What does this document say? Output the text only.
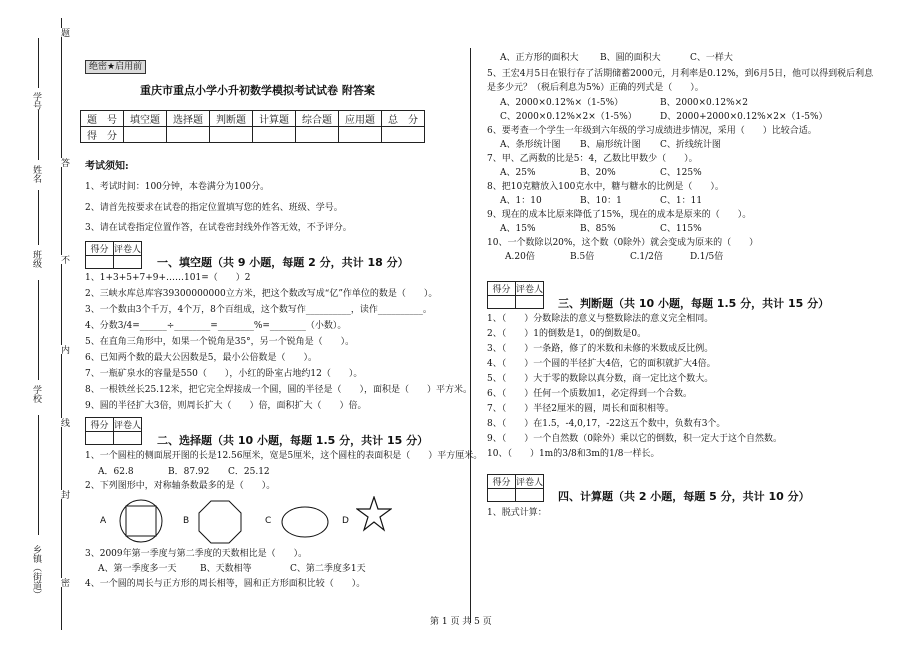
学号
姓名
班级
学校
乡镇（街道）
题
答
不
内
线
封
密
绝密★启用前
重庆市重点小学小升初数学模拟考试试卷 附答案
题　号	填空题	选择题	判断题	计算题	综合题	应用题	总　分
得　分							
考试须知:
1、考试时间：100分钟，本卷满分为100分。
2、请首先按要求在试卷的指定位置填写您的姓名、班级、学号。
3、请在试卷指定位置作答，在试卷密封线外作答无效，不予评分。
得分	评卷人

一、填空题（共 9 小题，每题 2 分，共计 18 分）
1、1+3+5+7+9+……101=（　　）2
2、三峡水库总库容39300000000立方米，把这个数改写成“亿”作单位的数是（　　）。
3、一个数由3个千万，4个万，8个百组成，这个数写作__________，读作__________。
4、分数3/4=______÷________=________%=________（小数）。
5、在直角三角形中，如果一个锐角是35°，另一个锐角是（　　）。
6、已知两个数的最大公因数是5，最小公倍数是（　　）。
7、一瓶矿泉水的容量是550（　　），小红的卧室占地约12（　　）。
8、一根铁丝长25.12米，把它完全焊接成一个圆，圆的半径是（　　），面积是（　　）平方米。
9、圆的半径扩大3倍，则周长扩大（　　）倍，面积扩大（　　）倍。
得分	评卷人

二、选择题（共 10 小题，每题 1.5 分，共计 15 分）
1、一个圆柱的侧面展开图的长是12.56厘米，宽是5厘米，这个圆柱的表面积是（　　）平方厘米。
A．62.8	B．87.92 C．25.12
2、下列图形中，对称轴条数最多的是（　　）。
A	B	C	D
3、2009年第一季度与第二季度的天数相比是（　　）。
A、第一季度多一天	B、天数相等	C、第二季度多1天
4、一个圆的周长与正方形的周长相等，圆和正方形面积比较（　　）。
A、正方形的面积大 B、圆的面积大	C、一样大
5、王宏4月5日在银行存了活期储蓄2000元，月利率是0.12%，到6月5日，他可以得到税后利息
是多少元？（税后利息为5%）正确的列式是（　　）。
A、2000×0.12%×（1-5%）	B、2000×0.12%×2
C、2000×0.12%×2×（1-5%）	D、2000+2000×0.12%×2×（1-5%）
6、要考查一个学生一年级到六年级的学习成绩进步情况，采用（　　）比较合适。
A、条形统计图 B、扇形统计图 C、折线统计图
7、甲、乙两数的比是5：4，乙数比甲数少（　　）。
A、25%	B、20%	C、125%
8、把10克糖放入100克水中，糖与糖水的比例是（　　）。
A、1：10	B、10：1	C、1：11
9、现在的成本比原来降低了15%，现在的成本是原来的（　　）。
A、15%	B、85%	C、115%
10、一个数除以20%，这个数（0除外）就会变成为原来的（　　）
A.20倍	B.5倍	C.1/2倍	D.1/5倍
得分	评卷人

三、判断题（共 10 小题，每题 1.5 分，共计 15 分）
1、（　　）分数除法的意义与整数除法的意义完全相同。
2、（　　）1的倒数是1，0的倒数是0。
3、（　　）一条路，修了的米数和未修的米数成反比例。
4、（　　）一个圆的半径扩大4倍，它的面积就扩大4倍。
5、（　　）大于零的数除以真分数，商一定比这个数大。
6、（　　）任何一个质数加1，必定得到一个合数。
7、（　　）半径2厘米的圆，周长和面积相等。
8、（　　）在1.5，-4,0,17，-22这五个数中，负数有3个。
9、（　　）一个自然数（0除外）乘以它的倒数，积一定大于这个自然数。
10、（　　）1m的3/8和3m的1/8一样长。
得分	评卷人

四、计算题（共 2 小题，每题 5 分，共计 10 分）
1、脱式计算：
第 1 页 共 5 页
